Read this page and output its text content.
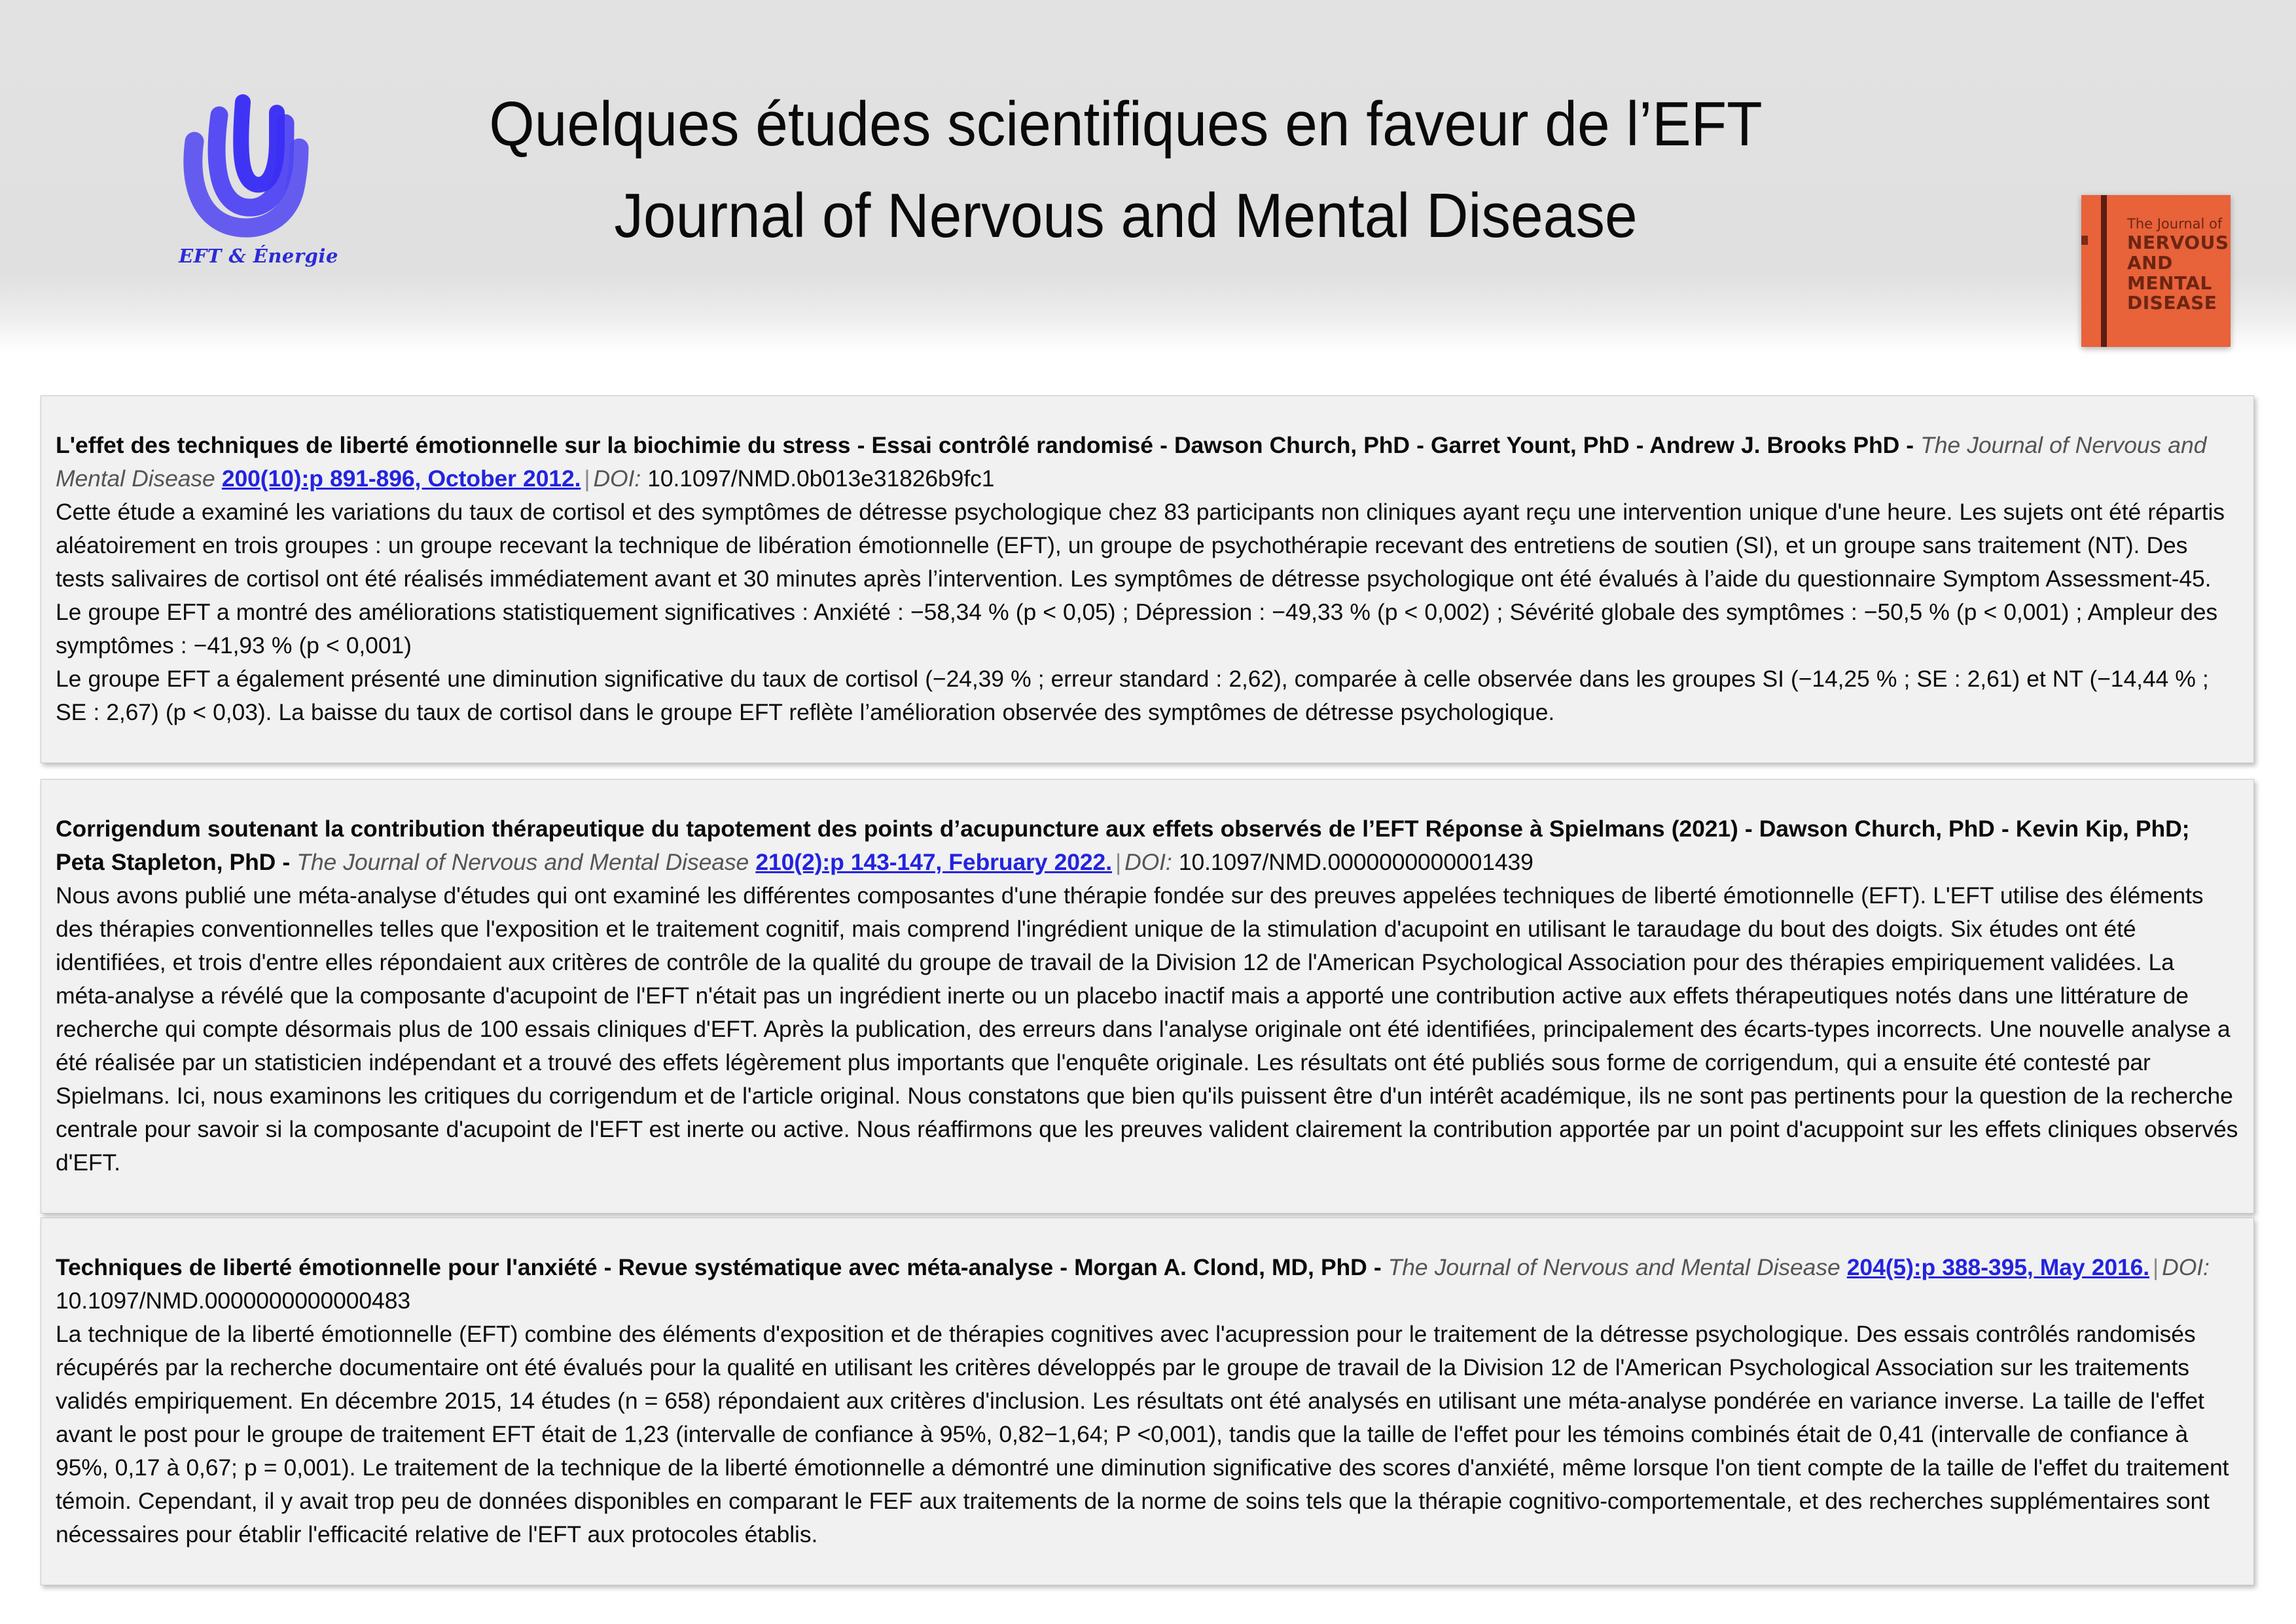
EFT & Énergie
Quelques études scientifiques en faveur de l’EFT
Journal of Nervous and Mental Disease	The Journal of
NERVOUS
AND
MENTAL
DISEASE

L'effet des techniques de liberté émotionnelle sur la biochimie du stress - Essai contrôlé randomisé - Dawson Church, PhD - Garret Yount, PhD - Andrew J. Brooks PhD - The Journal of Nervous and Mental Disease 200(10):p 891-896, October 2012. | DOI: 10.1097/NMD.0b013e31826b9fc1
Cette étude a examiné les variations du taux de cortisol et des symptômes de détresse psychologique chez 83 participants non cliniques ayant reçu une intervention unique d'une heure. Les sujets ont été répartis aléatoirement en trois groupes : un groupe recevant la technique de libération émotionnelle (EFT), un groupe de psychothérapie recevant des entretiens de soutien (SI), et un groupe sans traitement (NT). Des tests salivaires de cortisol ont été réalisés immédiatement avant et 30 minutes après l’intervention. Les symptômes de détresse psychologique ont été évalués à l’aide du questionnaire Symptom Assessment-45. Le groupe EFT a montré des améliorations statistiquement significatives : Anxiété : −58,34 % (p < 0,05) ; Dépression : −49,33 % (p < 0,002) ; Sévérité globale des symptômes : −50,5 % (p < 0,001) ; Ampleur des symptômes : −41,93 % (p < 0,001)
Le groupe EFT a également présenté une diminution significative du taux de cortisol (−24,39 % ; erreur standard : 2,62), comparée à celle observée dans les groupes SI (−14,25 % ; SE : 2,61) et NT (−14,44 % ; SE : 2,67) (p < 0,03). La baisse du taux de cortisol dans le groupe EFT reflète l’amélioration observée des symptômes de détresse psychologique.

Corrigendum soutenant la contribution thérapeutique du tapotement des points d’acupuncture aux effets observés de l’EFT Réponse à Spielmans (2021) - Dawson Church, PhD - Kevin Kip, PhD; Peta Stapleton, PhD - The Journal of Nervous and Mental Disease 210(2):p 143-147, February 2022. | DOI: 10.1097/NMD.0000000000001439
Nous avons publié une méta-analyse d'études qui ont examiné les différentes composantes d'une thérapie fondée sur des preuves appelées techniques de liberté émotionnelle (EFT). L'EFT utilise des éléments des thérapies conventionnelles telles que l'exposition et le traitement cognitif, mais comprend l'ingrédient unique de la stimulation d'acupoint en utilisant le taraudage du bout des doigts. Six études ont été identifiées, et trois d'entre elles répondaient aux critères de contrôle de la qualité du groupe de travail de la Division 12 de l'American Psychological Association pour des thérapies empiriquement validées. La méta-analyse a révélé que la composante d'acupoint de l'EFT n'était pas un ingrédient inerte ou un placebo inactif mais a apporté une contribution active aux effets thérapeutiques notés dans une littérature de recherche qui compte désormais plus de 100 essais cliniques d'EFT. Après la publication, des erreurs dans l'analyse originale ont été identifiées, principalement des écarts-types incorrects. Une nouvelle analyse a été réalisée par un statisticien indépendant et a trouvé des effets légèrement plus importants que l'enquête originale. Les résultats ont été publiés sous forme de corrigendum, qui a ensuite été contesté par Spielmans. Ici, nous examinons les critiques du corrigendum et de l'article original. Nous constatons que bien qu'ils puissent être d'un intérêt académique, ils ne sont pas pertinents pour la question de la recherche centrale pour savoir si la composante d'acupoint de l'EFT est inerte ou active. Nous réaffirmons que les preuves valident clairement la contribution apportée par un point d'acuppoint sur les effets cliniques observés d'EFT.

Techniques de liberté émotionnelle pour l'anxiété - Revue systématique avec méta-analyse - Morgan A. Clond, MD, PhD - The Journal of Nervous and Mental Disease 204(5):p 388-395, May 2016. | DOI: 10.1097/NMD.0000000000000483
La technique de la liberté émotionnelle (EFT) combine des éléments d'exposition et de thérapies cognitives avec l'acupression pour le traitement de la détresse psychologique. Des essais contrôlés randomisés récupérés par la recherche documentaire ont été évalués pour la qualité en utilisant les critères développés par le groupe de travail de la Division 12 de l'American Psychological Association sur les traitements validés empiriquement. En décembre 2015, 14 études (n = 658) répondaient aux critères d'inclusion. Les résultats ont été analysés en utilisant une méta-analyse pondérée en variance inverse. La taille de l'effet avant le post pour le groupe de traitement EFT était de 1,23 (intervalle de confiance à 95%, 0,82−1,64; P <0,001), tandis que la taille de l'effet pour les témoins combinés était de 0,41 (intervalle de confiance à 95%, 0,17 à 0,67; p = 0,001). Le traitement de la technique de la liberté émotionnelle a démontré une diminution significative des scores d'anxiété, même lorsque l'on tient compte de la taille de l'effet du traitement témoin. Cependant, il y avait trop peu de données disponibles en comparant le FEF aux traitements de la norme de soins tels que la thérapie cognitivo-comportementale, et des recherches supplémentaires sont nécessaires pour établir l'efficacité relative de l'EFT aux protocoles établis.
